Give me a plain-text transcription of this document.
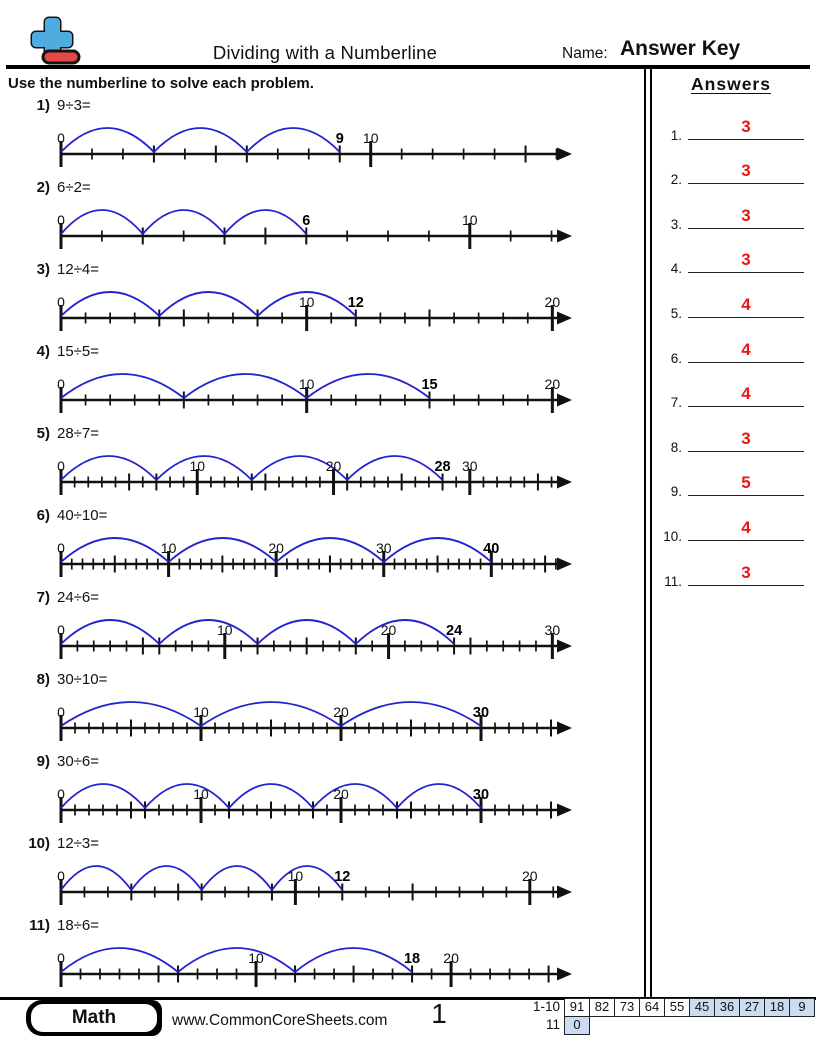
Dividing with a Numberline	Name: Answer Key
Use the numberline to solve each problem.
1) 9÷3=
0	10
9
2) 6÷2=
0	10
6
3) 12÷4=
0	10	20
12
4) 15÷5=
0	10	20
15
5) 28÷7=
0	10	20	30
28
6) 40÷10=
0	10	20	30	40
7) 24÷6=
0	10	20	30
24
8) 30÷10=
0	10	20	30
9) 30÷6=
0	10	20	30
10) 12÷3=
0	10	20
12
11) 18÷6=
0	10	20
18
Answers
1.	3
2.	3
3.	3
4.	3
5.	4
6.	4
7.	4
8.	3
9.	5
10.	4
11.	3
Math	www.CommonCoreSheets.com	1	1-10 91 82 73 64 55 45 36 27 18	9
11	0
